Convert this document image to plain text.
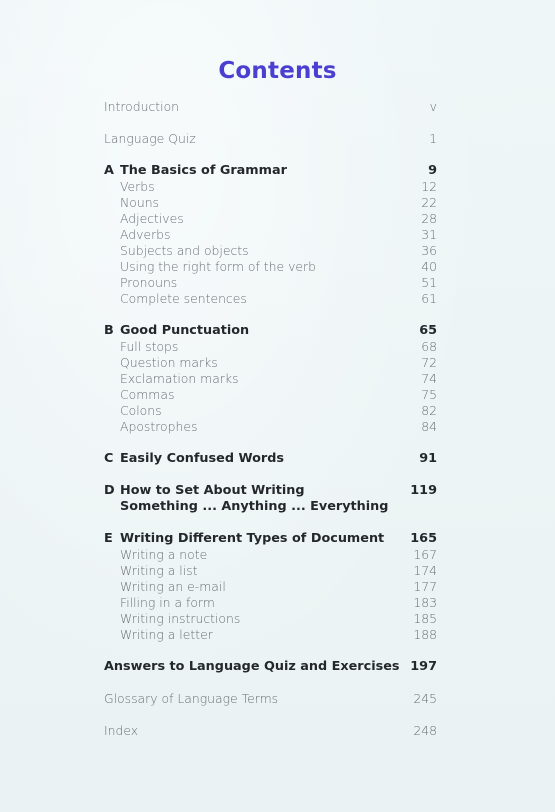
Contents
Introduction	v
Language Quiz	1
A The Basics of Grammar	9
Verbs	12
Nouns	22
Adjectives	28
Adverbs	31
Subjects and objects	36
Using the right form of the verb	40
Pronouns	51
Complete sentences	61
B Good Punctuation	65
Full stops	68
Question marks	72
Exclamation marks	74
Commas	75
Colons	82
Apostrophes	84
C Easily Confused Words	91
D How to Set About Writing	119
Something ... Anything ... Everything
E Writing Different Types of Document 165
Writing a note	167
Writing a list	174
Writing an e-mail	177
Filling in a form	183
Writing instructions	185
Writing a letter	188
Answers to Language Quiz and Exercises 197
Glossary of Language Terms	245
Index	248
